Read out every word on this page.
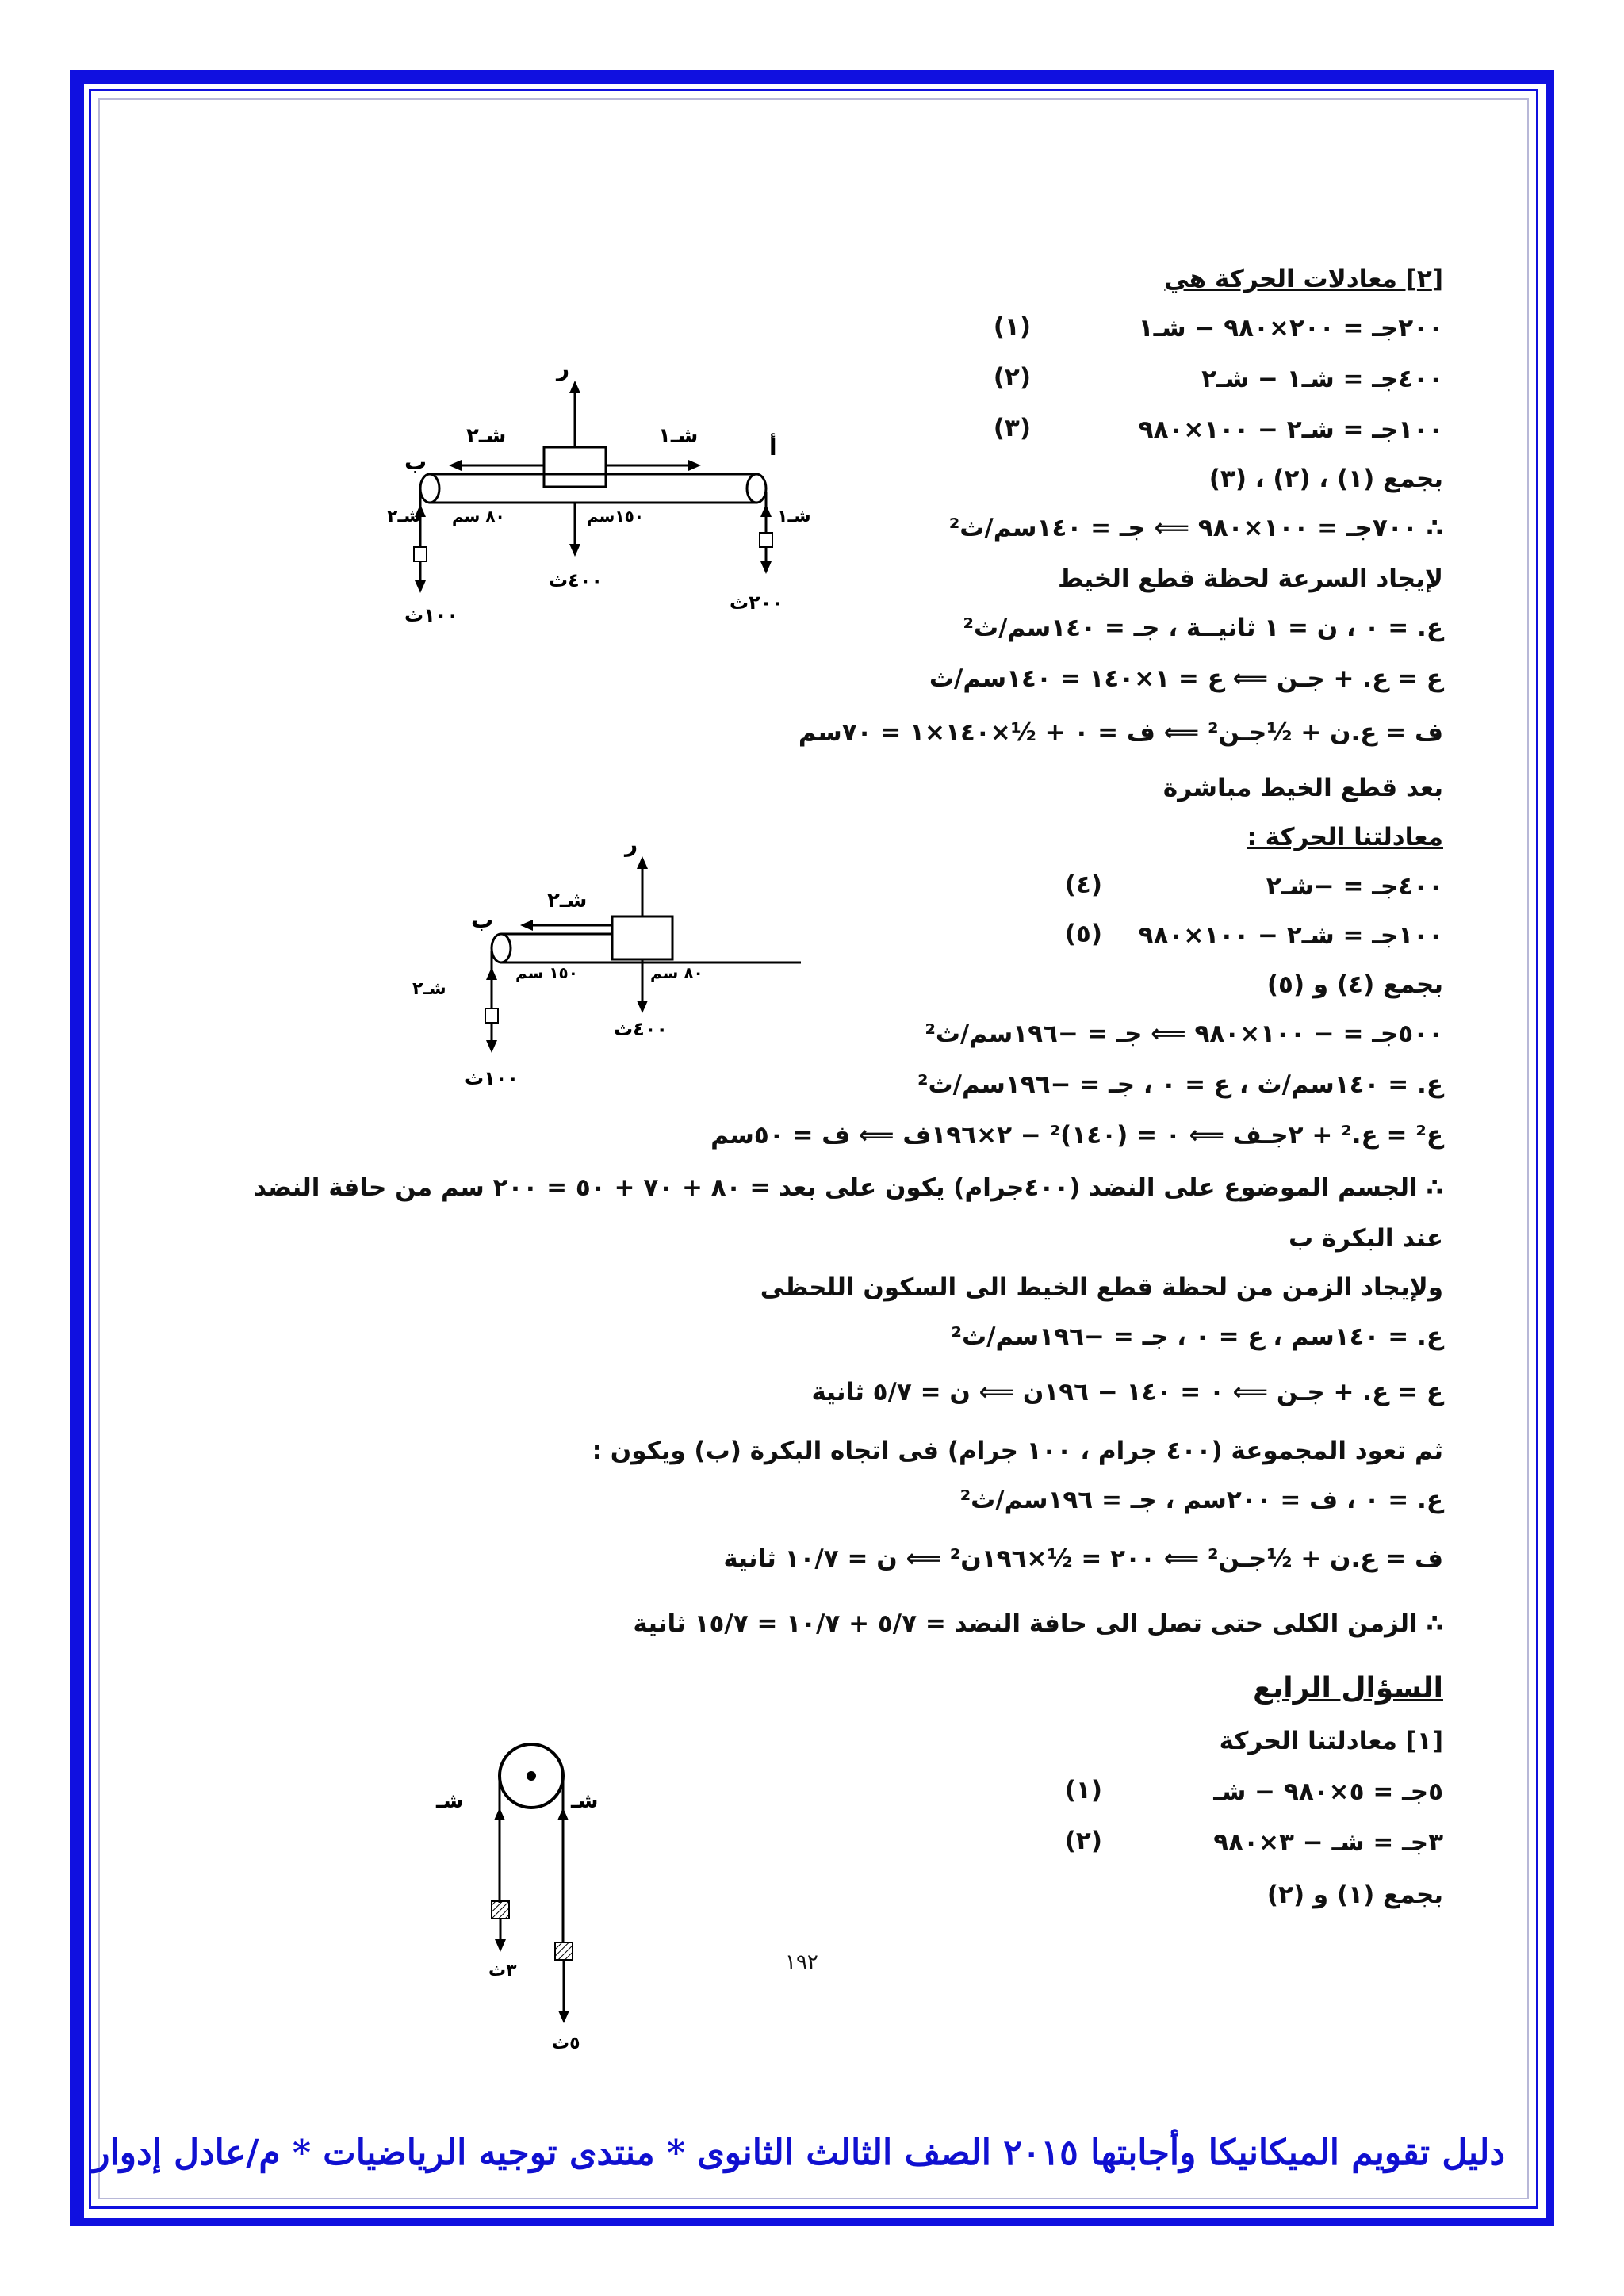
[٢] معادلات الحركة هي
٢٠٠جـ = ٢٠٠×٩٨٠ − شـ١
(١)
٤٠٠جـ = شـ١ − شـ٢
(٢)
١٠٠جـ = شـ٢ − ١٠٠×٩٨٠
(٣)
بجمع (١) ، (٢) ، (٣)
∴ ٧٠٠جـ = ١٠٠×٩٨٠ ⟸ جـ = ١٤٠سم/ث²
لإيجاد السرعة لحظة قطع الخيط
ع. = ٠ ، ن = ١ ثانيــة ، جـ = ١٤٠سم/ث²
ع = ع. + جـن ⟸ ع = ١×١٤٠ = ١٤٠سم/ث
ف = ع.ن + ½جـن² ⟸ ف = ٠ + ½×١٤٠×١ = ٧٠سم
بعد قطع الخيط مباشرة
معادلتنا الحركة :
٤٠٠جـ = −شـ٢
(٤)
١٠٠جـ = شـ٢ − ١٠٠×٩٨٠
(٥)
بجمع (٤) و (٥)
٥٠٠جـ = − ١٠٠×٩٨٠ ⟸ جـ = −١٩٦سم/ث²
ع. = ١٤٠سم/ث ، ع = ٠ ، جـ = −١٩٦سم/ث²
ع² = ع.² + ٢جـف ⟸ ٠ = (١٤٠)² − ٢×١٩٦ف ⟸ ف = ٥٠سم
∴ الجسم الموضوع على النضد (٤٠٠جرام) يكون على بعد = ٨٠ + ٧٠ + ٥٠ = ٢٠٠ سم من حافة النضد
عند البكرة ب
ولإيجاد الزمن من لحظة قطع الخيط الى السكون اللحظى
ع. = ١٤٠سم ، ع = ٠ ، جـ = −١٩٦سم/ث²
ع = ع. + جـن ⟸ ٠ = ١٤٠ − ١٩٦ن ⟸ ن = ٥/٧ ثانية
ثم تعود المجموعة (٤٠٠ جرام ، ١٠٠ جرام) فى اتجاه البكرة (ب) ويكون :
ع. = ٠ ، ف = ٢٠٠سم ، جـ = ١٩٦سم/ث²
ف = ع.ن + ½جـن² ⟸ ٢٠٠ = ½×١٩٦ن² ⟸ ن = ١٠/٧ ثانية
∴ الزمن الكلى حتى تصل الى حافة النضد = ٥/٧ + ١٠/٧ = ١٥/٧ ثانية
السؤال الرابع
[١] معادلتنا الحركة
٥جـ = ٥×٩٨٠ − شـ
(١)
٣جـ = شـ − ٣×٩٨٠
(٢)
بجمع (١) و (٢)
ر
شـ٢	شـ١
ب
أ
٤٠٠ث
٨٠ سم	١٥٠سم
شـ٢
١٠٠ث
شـ١
٢٠٠ث
ر
شـ٢
ب
٤٠٠ث
١٥٠ سم	٨٠ سم
شـ٢
١٠٠ث
شـ	شـ
٣ث
٥ث
١٩٢
دليل تقويم الميكانيكا وأجابتها ٢٠١٥ الصف الثالث الثانوى * منتدى توجيه الرياضيات * م/عادل إدوار
